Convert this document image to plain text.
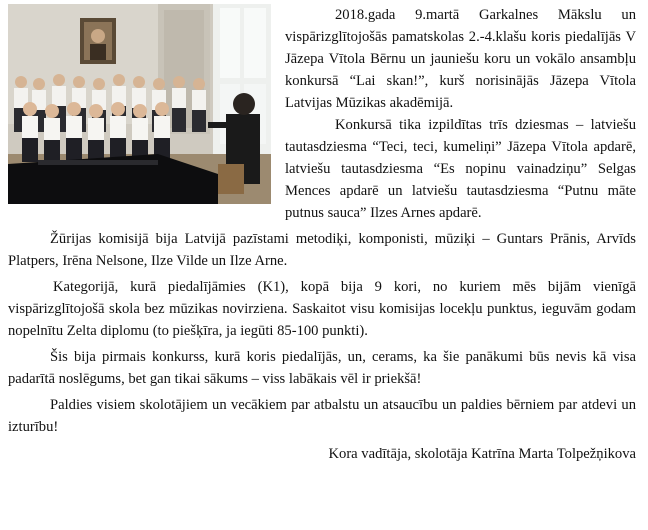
2018.gada 9.martā Garkalnes Mākslu un vispārizglītojošās pamatskolas 2.-4.klašu koris piedalījās V Jāzepa Vītola Bērnu un jauniešu koru un vokālo ansambļu konkursā “Lai skan!”, kurš norisinājās Jāzepa Vītola Latvijas Mūzikas akadēmijā.

Konkursā tika izpildītas trīs dziesmas – latviešu tautasdziesma “Teci, teci, kumeliņi” Jāzepa Vītola apdarē, latviešu tautasdziesma “Es nopinu vainadziņu” Selgas Mences apdarē un latviešu tautasdziesma “Putnu māte putnus sauca” Ilzes Arnes apdarē.

Žūrijas komisijā bija Latvijā pazīstami metodiķi, komponisti, mūziķi – Guntars Prānis, Arvīds Platpers, Irēna Nelsone, Ilze Vilde un Ilze Arne.

Kategorijā, kurā piedalījāmies (K1), kopā bija 9 kori, no kuriem mēs bijām vienīgā vispārizglītojošā skola bez mūzikas novirziena. Saskaitot visu komisijas locekļu punktus, ieguvām godam nopelnītu Zelta diplomu (to piešķīra, ja iegūti 85-100 punkti).

Šis bija pirmais konkurss, kurā koris piedalījās, un, cerams, ka šie panākumi būs nevis kā visa padarītā noslēgums, bet gan tikai sākums – viss labākais vēl ir priekšā!

Paldies visiem skolotājiem un vecākiem par atbalstu un atsaucību un paldies bērniem par atdevi un izturību!

Kora vadītāja, skolotāja Katrīna Marta Tolpežņikova
